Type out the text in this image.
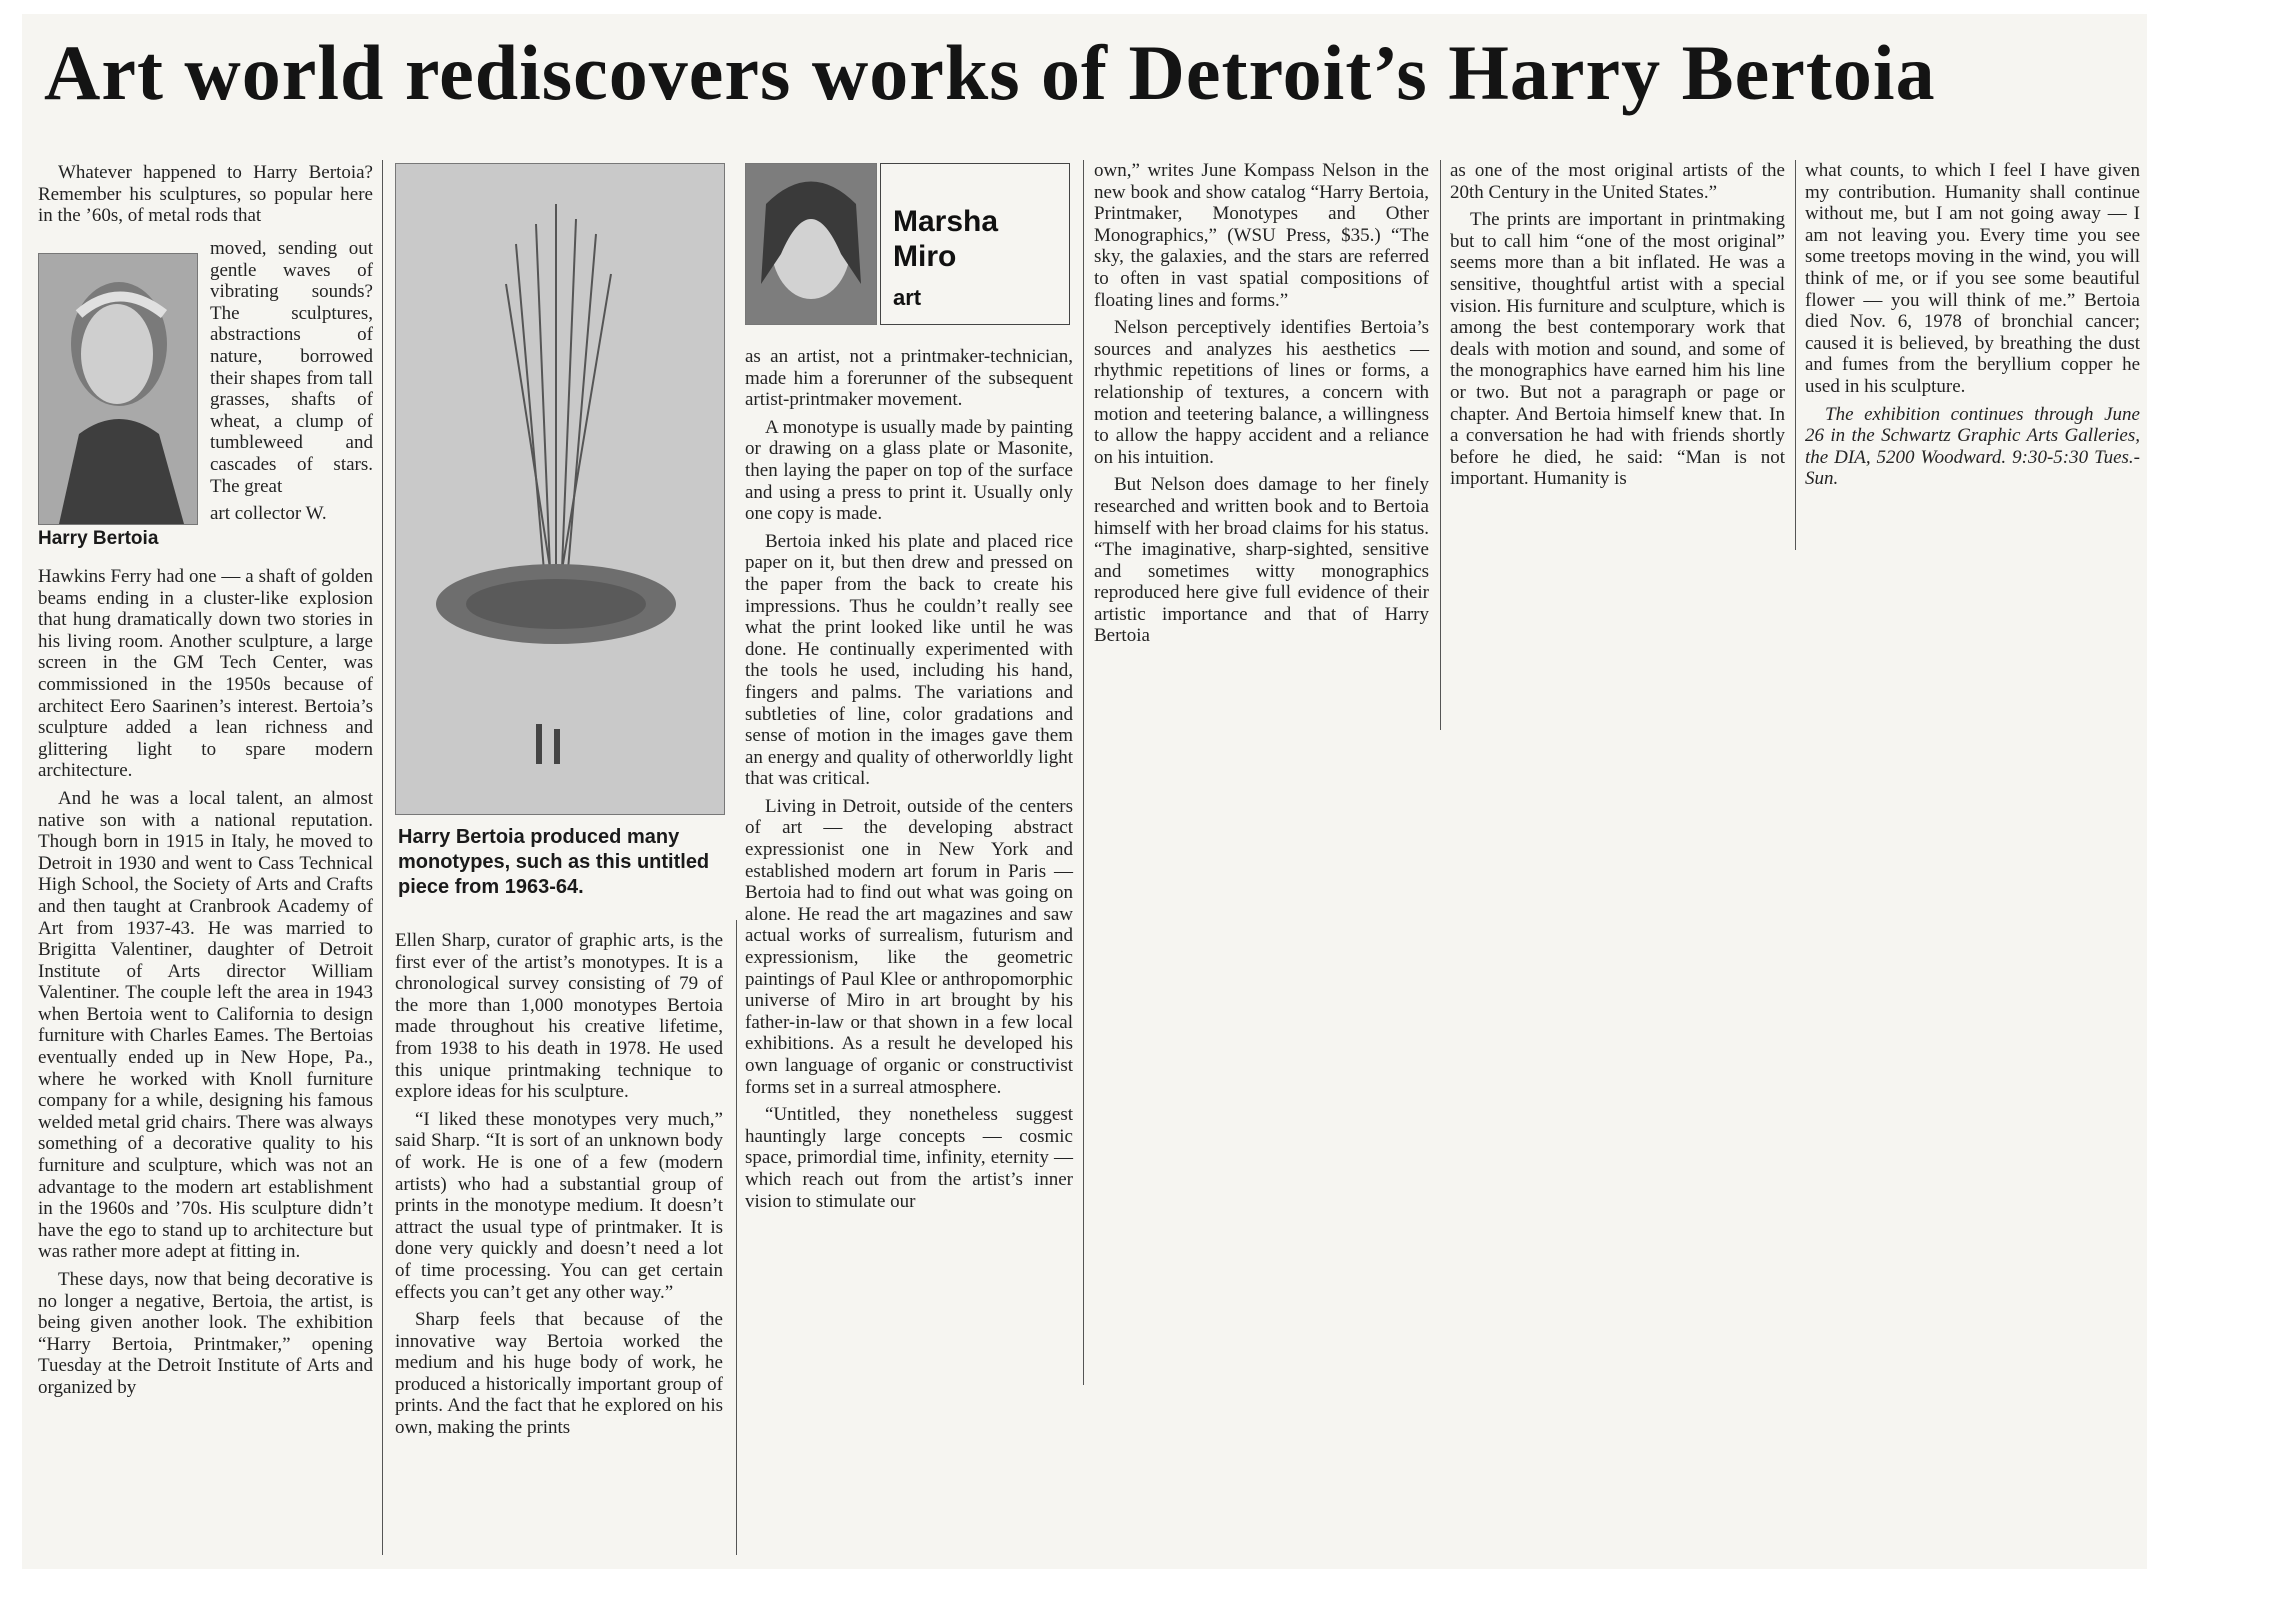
Art world rediscovers works of Detroit’s Harry Bertoia

Whatever happened to Harry Bertoia? Remember his sculptures, so popular here in the ’60s, of metal rods that

Harry Bertoia

moved, sending out gentle waves of vibrating sounds? The sculptures, abstractions of nature, borrowed their shapes from tall grasses, shafts of wheat, a clump of tumbleweed and cascades of stars. The great

art collector W.

Hawkins Ferry had one — a shaft of golden beams ending in a cluster-like explosion that hung dramatically down two stories in his living room. Another sculpture, a large screen in the GM Tech Center, was commissioned in the 1950s because of architect Eero Saarinen’s interest. Bertoia’s sculpture added a lean richness and glittering light to spare modern architecture.

And he was a local talent, an almost native son with a national reputation. Though born in 1915 in Italy, he moved to Detroit in 1930 and went to Cass Technical High School, the Society of Arts and Crafts and then taught at Cranbrook Academy of Art from 1937-43. He was married to Brigitta Valentiner, daughter of Detroit Institute of Arts director William Valentiner. The couple left the area in 1943 when Bertoia went to California to design furniture with Charles Eames. The Bertoias eventually ended up in New Hope, Pa., where he worked with Knoll furniture company for a while, designing his famous welded metal grid chairs. There was always something of a decorative quality to his furniture and sculpture, which was not an advantage to the modern art establishment in the 1960s and ’70s. His sculpture didn’t have the ego to stand up to architecture but was rather more adept at fitting in.

These days, now that being decorative is no longer a negative, Bertoia, the artist, is being given another look. The exhibition “Harry Bertoia, Printmaker,” opening Tuesday at the Detroit Institute of Arts and organized by

Harry Bertoia produced many monotypes, such as this untitled piece from 1963-64.

Ellen Sharp, curator of graphic arts, is the first ever of the artist’s monotypes. It is a chronological survey consisting of 79 of the more than 1,000 monotypes Bertoia made throughout his creative lifetime, from 1938 to his death in 1978. He used this unique printmaking technique to explore ideas for his sculpture.

“I liked these monotypes very much,” said Sharp. “It is sort of an unknown body of work. He is one of a few (modern artists) who had a substantial group of prints in the monotype medium. It doesn’t attract the usual type of printmaker. It is done very quickly and doesn’t need a lot of time processing. You can get certain effects you can’t get any other way.”

Sharp feels that because of the innovative way Bertoia worked the medium and his huge body of work, he produced a historically important group of prints. And the fact that he explored on his own, making the prints

Marsha
Miro
art

as an artist, not a printmaker-technician, made him a forerunner of the subsequent artist-printmaker movement.

A monotype is usually made by painting or drawing on a glass plate or Masonite, then laying the paper on top of the surface and using a press to print it. Usually only one copy is made.

Bertoia inked his plate and placed rice paper on it, but then drew and pressed on the paper from the back to create his impressions. Thus he couldn’t really see what the print looked like until he was done. He continually experimented with the tools he used, including his hand, fingers and palms. The variations and subtleties of line, color gradations and sense of motion in the images gave them an energy and quality of otherworldly light that was critical.

Living in Detroit, outside of the centers of art — the developing abstract expressionist one in New York and established modern art forum in Paris — Bertoia had to find out what was going on alone. He read the art magazines and saw actual works of surrealism, futurism and expressionism, like the geometric paintings of Paul Klee or anthropomorphic universe of Miro in art brought by his father-in-law or that shown in a few local exhibitions. As a result he developed his own language of organic or constructivist forms set in a surreal atmosphere.

“Untitled, they nonetheless suggest hauntingly large concepts — cosmic space, primordial time, infinity, eternity — which reach out from the artist’s inner vision to stimulate our

own,” writes June Kompass Nelson in the new book and show catalog “Harry Bertoia, Printmaker, Monotypes and Other Monographics,” (WSU Press, $35.) “The sky, the galaxies, and the stars are referred to often in vast spatial compositions of floating lines and forms.”

Nelson perceptively identifies Bertoia’s sources and analyzes his aesthetics — rhythmic repetitions of lines or forms, a relationship of textures, a concern with motion and teetering balance, a willingness to allow the happy accident and a reliance on his intuition.

But Nelson does damage to her finely researched and written book and to Bertoia himself with her broad claims for his status. “The imaginative, sharp-sighted, sensitive and sometimes witty monographics reproduced here give full evidence of their artistic importance and that of Harry Bertoia

as one of the most original artists of the 20th Century in the United States.”

The prints are important in printmaking but to call him “one of the most original” seems more than a bit inflated. He was a sensitive, thoughtful artist with a special vision. His furniture and sculpture, which is among the best contemporary work that deals with motion and sound, and some of the monographics have earned him his line or two. But not a paragraph or page or chapter. And Bertoia himself knew that. In a conversation he had with friends shortly before he died, he said: “Man is not important. Humanity is

what counts, to which I feel I have given my contribution. Humanity shall continue without me, but I am not going away — I am not leaving you. Every time you see some treetops moving in the wind, you will think of me, or if you see some beautiful flower — you will think of me.” Bertoia died Nov. 6, 1978 of bronchial cancer; caused it is believed, by breathing the dust and fumes from the beryllium copper he used in his sculpture.

The exhibition continues through June 26 in the Schwartz Graphic Arts Galleries, the DIA, 5200 Woodward. 9:30-5:30 Tues.-Sun.
